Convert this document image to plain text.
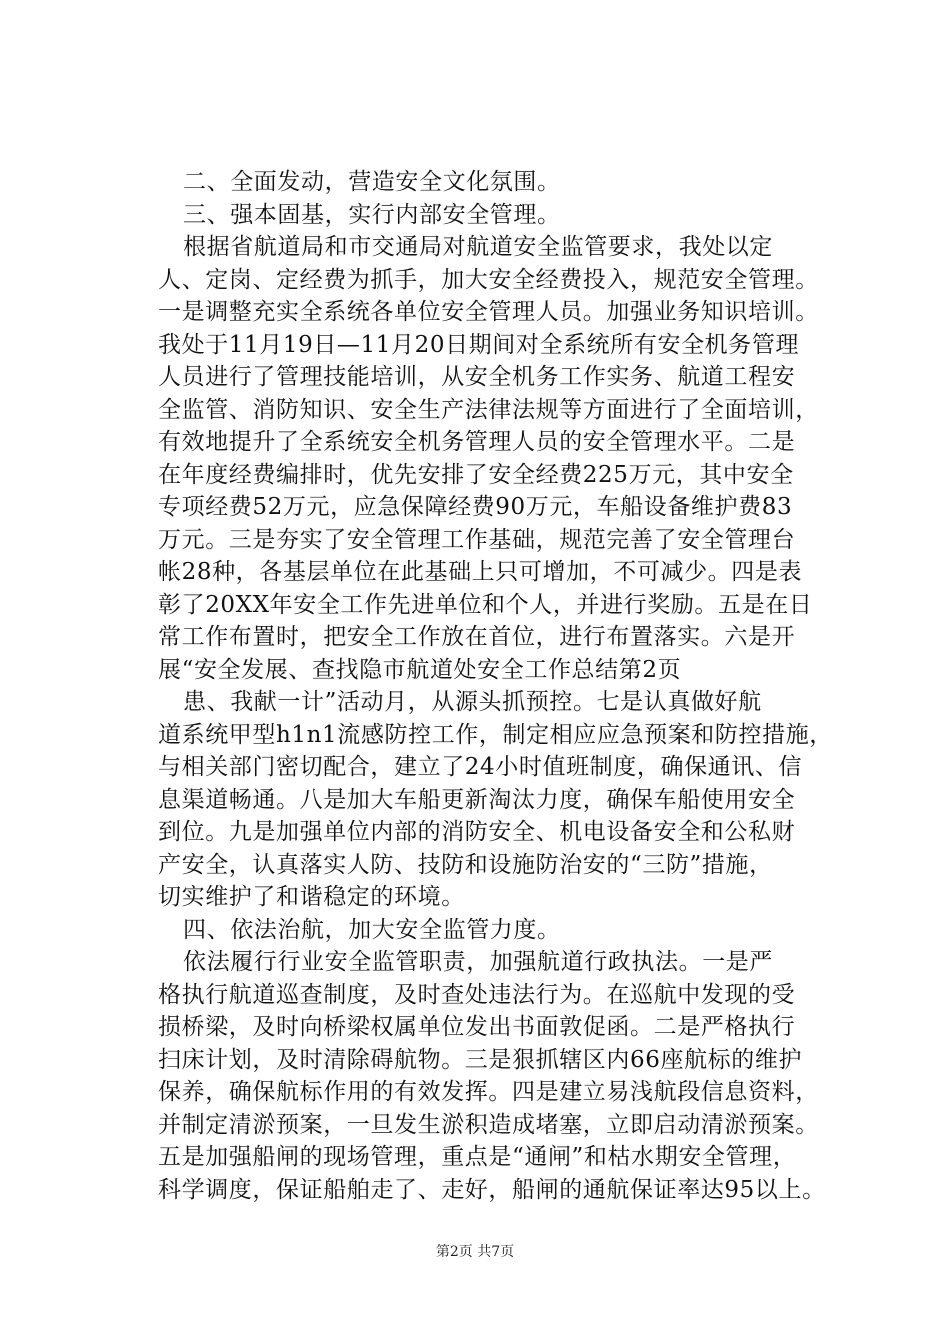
二、全面发动，营造安全文化氛围。
三、强本固基，实行内部安全管理。
根据省航道局和市交通局对航道安全监管要求，我处以定
人、定岗、定经费为抓手，加大安全经费投入，规范安全管理。
一是调整充实全系统各单位安全管理人员。加强业务知识培训。
我处于11月19日—11月20日期间对全系统所有安全机务管理
人员进行了管理技能培训，从安全机务工作实务、航道工程安
全监管、消防知识、安全生产法律法规等方面进行了全面培训，
有效地提升了全系统安全机务管理人员的安全管理水平。二是
在年度经费编排时，优先安排了安全经费225万元，其中安全
专项经费52万元，应急保障经费90万元，车船设备维护费83
万元。三是夯实了安全管理工作基础，规范完善了安全管理台
帐28种，各基层单位在此基础上只可增加，不可减少。四是表
彰了20XX年安全工作先进单位和个人，并进行奖励。五是在日
常工作布置时，把安全工作放在首位，进行布置落实。六是开
展“安全发展、查找隐市航道处安全工作总结第2页
患、我献一计”活动月，从源头抓预控。七是认真做好航
道系统甲型h1n1流感防控工作，制定相应应急预案和防控措施，
与相关部门密切配合，建立了24小时值班制度，确保通讯、信
息渠道畅通。八是加大车船更新淘汰力度，确保车船使用安全
到位。九是加强单位内部的消防安全、机电设备安全和公私财
产安全，认真落实人防、技防和设施防治安的“三防”措施，
切实维护了和谐稳定的环境。
四、依法治航，加大安全监管力度。
依法履行行业安全监管职责，加强航道行政执法。一是严
格执行航道巡查制度，及时查处违法行为。在巡航中发现的受
损桥梁，及时向桥梁权属单位发出书面敦促函。二是严格执行
扫床计划，及时清除碍航物。三是狠抓辖区内66座航标的维护
保养，确保航标作用的有效发挥。四是建立易浅航段信息资料，
并制定清淤预案，一旦发生淤积造成堵塞，立即启动清淤预案。
五是加强船闸的现场管理，重点是“通闸”和枯水期安全管理，
科学调度，保证船舶走了、走好，船闸的通航保证率达95以上。
第2页 共7页
